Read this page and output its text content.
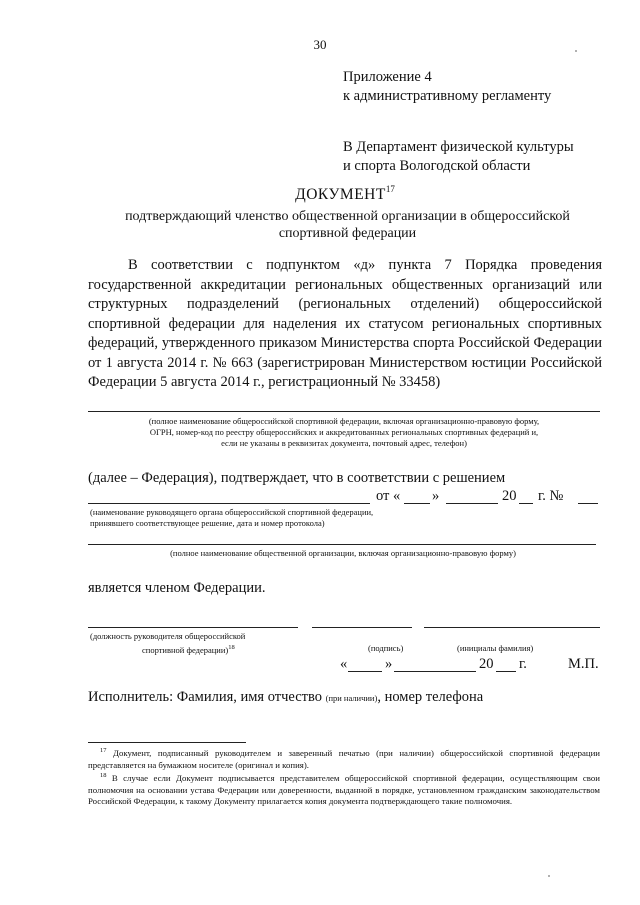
30
Приложение 4
к административному регламенту
В Департамент физической культуры
и спорта Вологодской области
ДОКУМЕНТ$^{17}$
подтверждающий членство общественной организации в общероссийской
спортивной федерации
В соответствии с подпунктом «д» пункта 7 Порядка проведения государственной аккредитации региональных общественных организаций или структурных подразделений (региональных отделений) общероссийской спортивной федерации для наделения их статусом региональных спортивных федераций, утвержденного приказом Министерства спорта Российской Федерации от 1 августа 2014 г. № 663 (зарегистрирован Министерством юстиции Российской Федерации 5 августа 2014 г., регистрационный № 33458)
(полное наименование общероссийской спортивной федерации, включая организационно-правовую форму,
ОГРН, номер-код по реестру общероссийских и аккредитованных региональных спортивных федераций и,
если не указаны в реквизитах документа, почтовый адрес, телефон)
(далее – Федерация), подтверждает, что в соответствии с решением
от « »	20 г. №
(наименование руководящего органа общероссийской спортивной федерации,
принявшего соответствующее решение, дата и номер протокола)
(полное наименование общественной организации, включая организационно-правовую форму)
является членом Федерации.
(должность руководителя общероссийской
спортивной федерации)$^{18}$	(подпись)	(инициалы фамилия)
«	»	20 г.	М.П.
Исполнитель: Фамилия, имя отчество (при наличии), номер телефона
$^{17}$ Документ, подписанный руководителем и заверенный печатью (при наличии) общероссийской спортивной федерации представляется на бумажном носителе (оригинал и копия).
$^{18}$ В случае если Документ подписывается представителем общероссийской спортивной федерации, осуществляющим свои полномочия на основании устава Федерации или доверенности, выданной в порядке, установленном гражданским законодательством Российской Федерации, к такому Документу прилагается копия документа подтверждающего такие полномочия.
